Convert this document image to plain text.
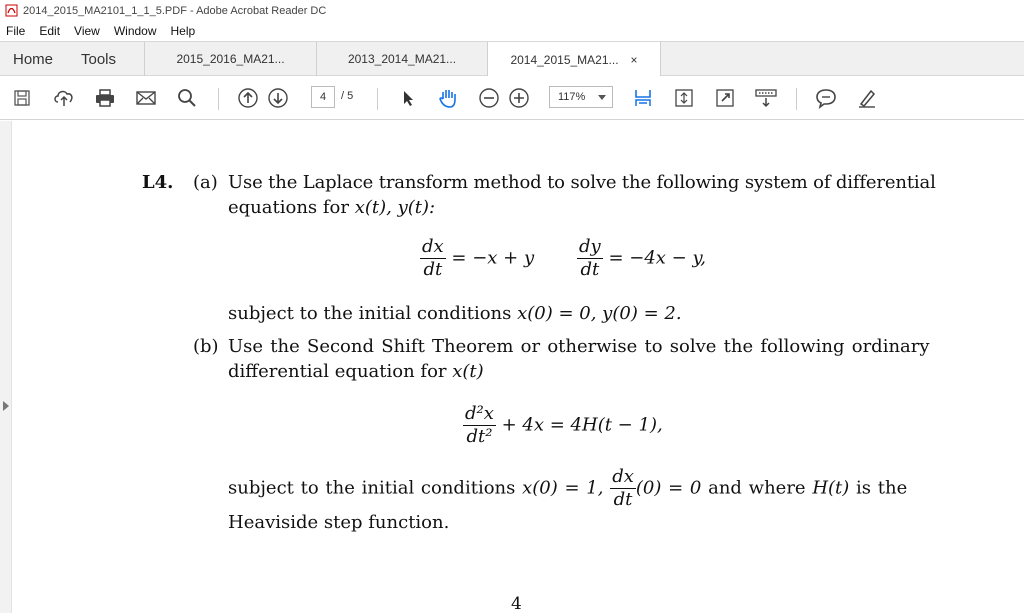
2014_2015_MA2101_1_1_5.PDF - Adobe Acrobat Reader DC
File Edit View Window Help
Home Tools	2015_2016_MA21...	2013_2014_MA21...	2014_2015_MA21... ×
4	/ 5	117%
L4. (a) Use the Laplace transform method to solve the following system of differential
equations for x(t), y(t):
$\frac{dx}{dt} = -x + y \frac{dy}{dt} = -4x - y$,
subject to the initial conditions x(0) = 0, y(0) = 2.
(b) Use the Second Shift Theorem or otherwise to solve the following ordinary
differential equation for x(t)
$\frac{\text{d²x}}{\text{dt²}} + 4x = 4H(t - 1)$,
subject to the initial conditions x(0) = 1, $\frac{dx}{dt} (0) = 0$ and where H(t) is the
Heaviside step function.
4
